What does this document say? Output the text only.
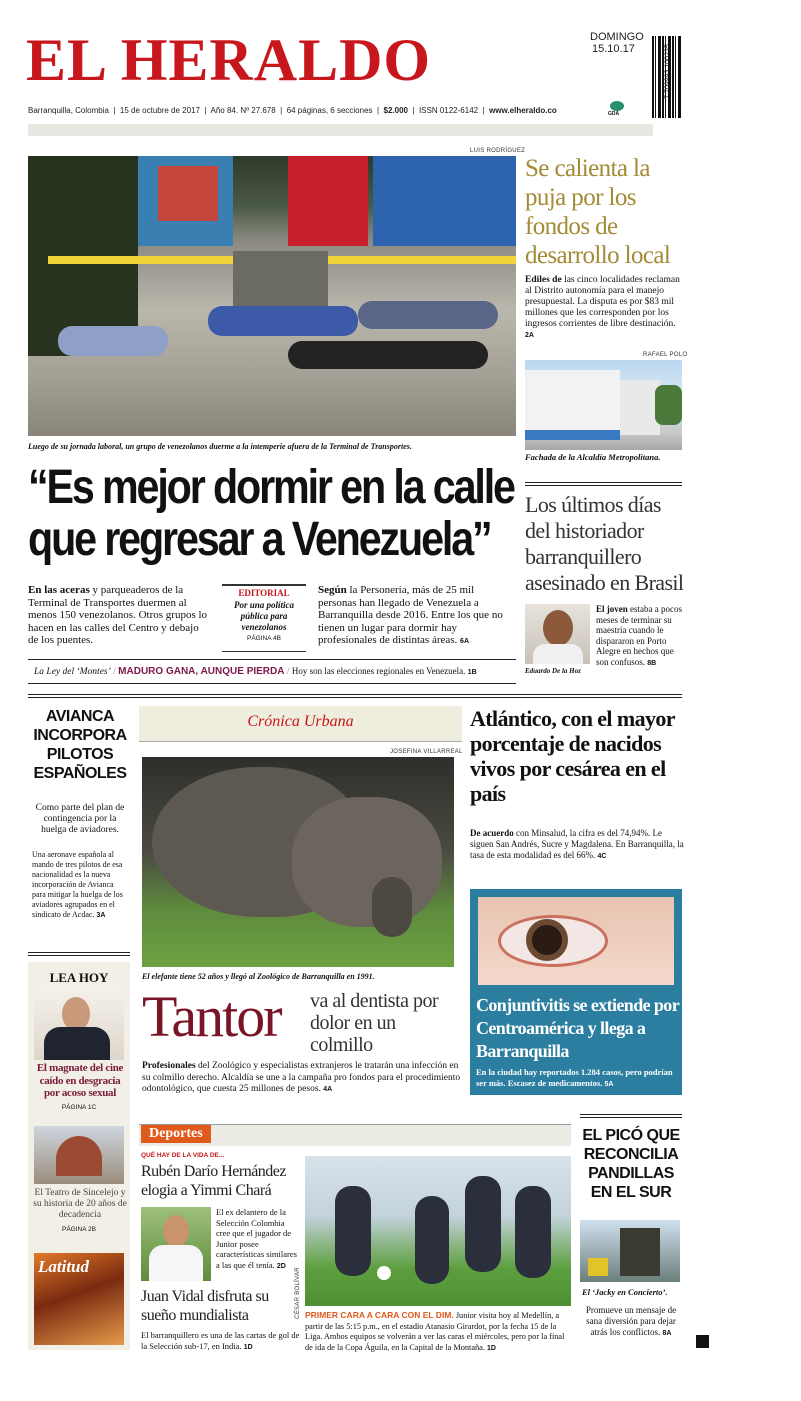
EL HERALDO	DOMINGO
15.10.17	7 709993 100235
Barranquilla, Colombia  |  15 de octubre de 2017  |  Año 84. Nº 27.678  |  64 páginas, 6 secciones  |  $2.000  |  ISSN 0122-6142  |  www.elheraldo.co	GDA
LUIS RODRÍGUEZ
Luego de su jornada laboral, un grupo de venezolanos duerme a la intemperie afuera de la Terminal de Transportes.
“Es mejor dormir en la calle
que regresar a Venezuela”
En las aceras y parqueaderos de la Terminal de Transportes duermen al menos 150 venezolanos. Otros grupos lo hacen en las calles del Centro y debajo de los puentes.
EDITORIAL
Por una política pública para venezolanos
PÁGINA 4B
Según la Personería, más de 25 mil personas han llegado de Venezuela a Barranquilla desde 2016. Entre los que no tienen un lugar para dormir hay profesionales de distintas áreas. 6A
La Ley del ‘Montes’ / MADURO GANA, AUNQUE PIERDA / Hoy son las elecciones regionales en Venezuela. 1B
Se calienta la puja por los fondos de desarrollo local
Ediles de las cinco localidades reclaman al Distrito autonomía para el manejo presupuestal. La disputa es por $83 mil millones que les corresponden por los ingresos corrientes de libre destinación. 2A
RAFAEL POLO
Fachada de la Alcaldía Metropolitana.
Los últimos días del historiador barranquillero asesinado en Brasil
El joven estaba a pocos meses de terminar su maestría cuando le dispararon en Porto Alegre en hechos que son confusos. 8B
Eduardo De la Hoz
AVIANCA INCORPORA PILOTOS ESPAÑOLES
Como parte del plan de contingencia por la huelga de aviadores.
Una aeronave española al mando de tres pilotos de esa nacionalidad es la nueva incorporación de Avianca para mitigar la huelga de los aviadores agrupados en el sindicato de Acdac. 3A
LEA HOY
El magnate del cine caído en desgracia por acoso sexual
PÁGINA 1C
El Teatro de Sincelejo y su historia de 20 años de decadencia
PÁGINA 2B
Latitud
Crónica Urbana
JOSEFINA VILLARREAL
El elefante tiene 52 años y llegó al Zoológico de Barranquilla en 1991.
Tantor va al dentista por dolor en un colmillo
Profesionales del Zoológico y especialistas extranjeros le tratarán una infección en su colmillo derecho. Alcaldía se une a la campaña pro fondos para el procedimiento odontológico, que cuesta 25 millones de pesos. 4A
Atlántico, con el mayor porcentaje de nacidos vivos por cesárea en el país
De acuerdo con Minsalud, la cifra es del 74,94%. Le siguen San Andrés, Sucre y Magdalena. En Barranquilla, la tasa de esta modalidad es del 66%. 4C
Conjuntivitis se extiende por Centroamérica y llega a Barranquilla
En la ciudad hay reportados 1.284 casos, pero podrían ser más. Escasez de medicamentos. 5A
Deportes
QUÉ HAY DE LA VIDA DE...
Rubén Darío Hernández elogia a Yimmi Chará
El ex delantero de la Selección Colombia cree que el jugador de Junior posee características similares a las que él tenía. 2D
Juan Vidal disfruta su sueño mundialista
El barranquillero es una de las cartas de gol de la Selección sub-17, en India. 1D
CÉSAR BOLÍVAR PRIMER CARA A CARA CON EL DIM. Junior visita hoy al Medellín, a partir de las 5:15 p.m., en el estadio Atanasio Girardot, por la fecha 15 de la Liga. Ambos equipos se volverán a ver las caras el miércoles, pero por la final de ida de la Copa Águila, en la Capital de la Montaña. 1D
EL PICÓ QUE RECONCILIA PANDILLAS EN EL SUR
El ‘Jacky en Concierto’.
Promueve un mensaje de sana diversión para dejar atrás los conflictos. 8A
